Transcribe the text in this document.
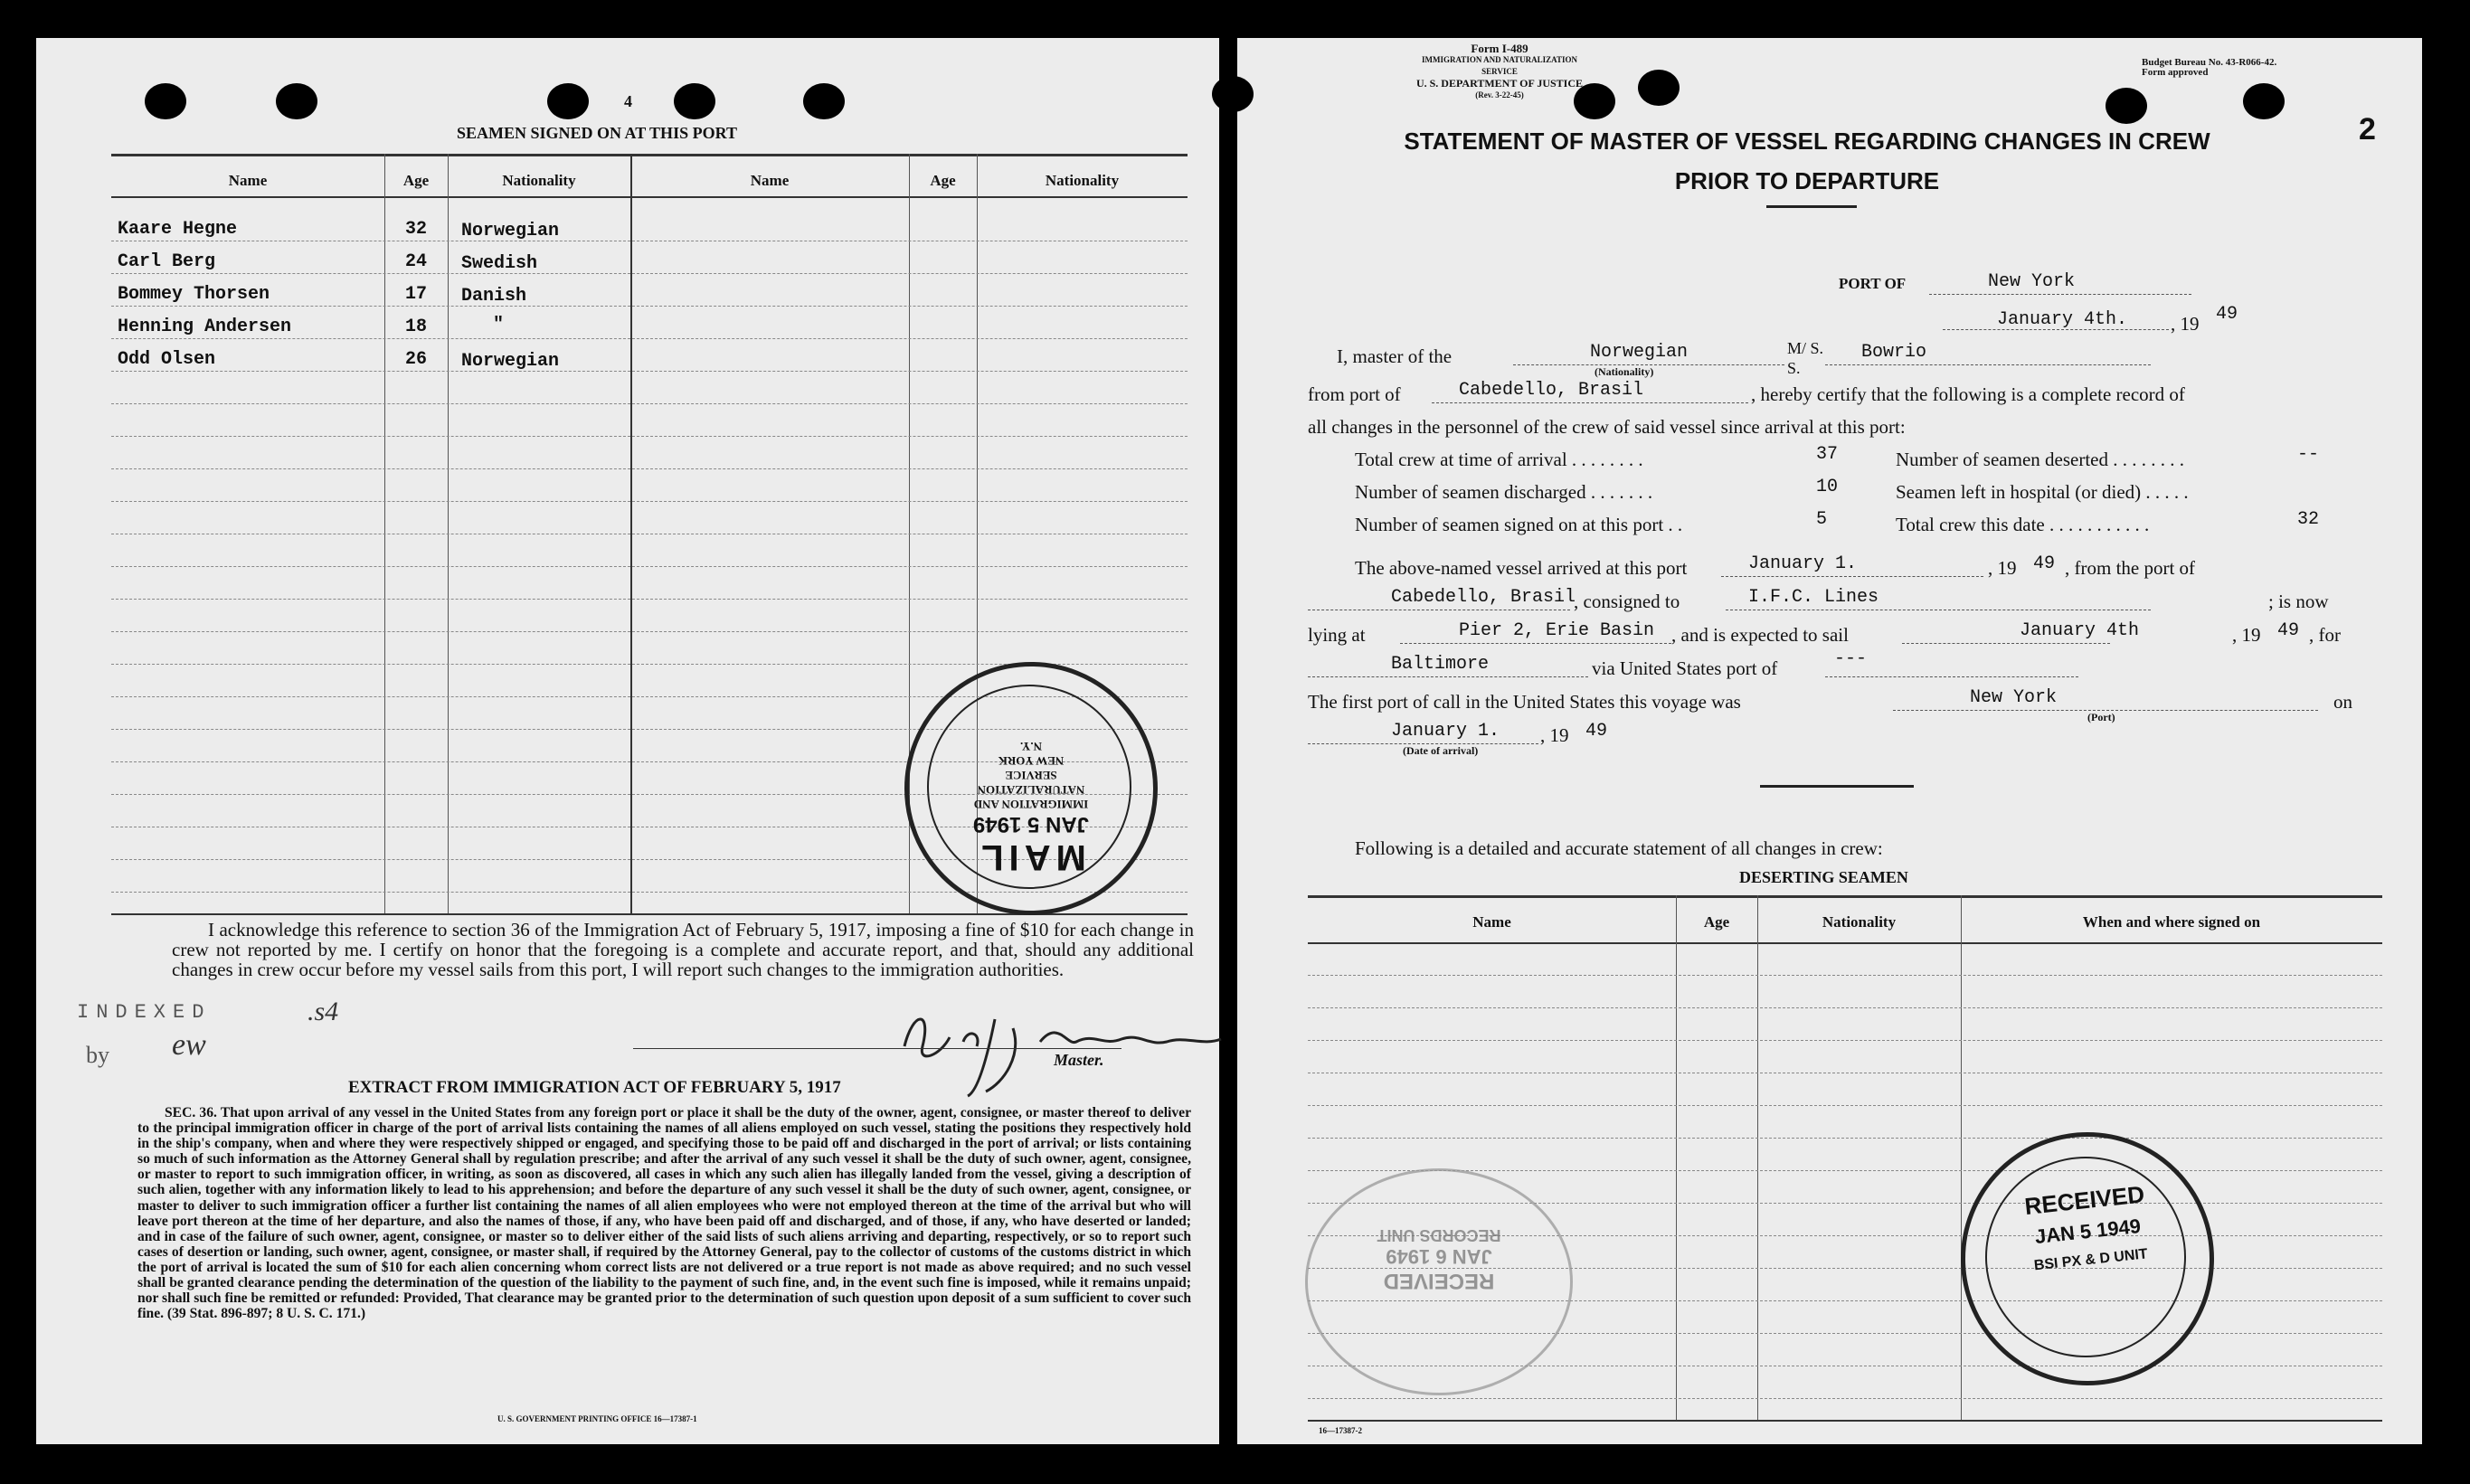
4
SEAMEN SIGNED ON AT THIS PORT
Name	Age	Nationality	Name	Age	Nationality
Kaare Hegne	32 Norwegian
Carl Berg	24 Swedish
Bommey Thorsen	17 Danish
Henning Andersen	18	"
Odd Olsen	26 Norwegian
MAIL
JAN 5 1949
IMMIGRATION AND
NATURALIZATION
SERVICE
NEW YORK
N.Y.
I acknowledge this reference to section 36 of the Immigration Act of February 5, 1917, imposing a fine of $10 for each change in crew not reported by me. I certify on honor that the foregoing is a complete and accurate report, and that, should any additional changes in crew occur before my vessel sails from this port, I will report such changes to the immigration authorities.
INDEXED	.s4
by ew	Master.
EXTRACT FROM IMMIGRATION ACT OF FEBRUARY 5, 1917
SEC. 36. That upon arrival of any vessel in the United States from any foreign port or place it shall be the duty of the owner, agent, consignee, or master thereof to deliver to the principal immigration officer in charge of the port of arrival lists containing the names of all aliens employed on such vessel, stating the positions they respectively hold in the ship's company, when and where they were respectively shipped or engaged, and specifying those to be paid off and discharged in the port of arrival; or lists containing so much of such information as the Attorney General shall by regulation prescribe; and after the arrival of any such vessel it shall be the duty of such owner, agent, consignee, or master to report to such immigration officer, in writing, as soon as discovered, all cases in which any such alien has illegally landed from the vessel, giving a description of such alien, together with any information likely to lead to his apprehension; and before the departure of any such vessel it shall be the duty of such owner, agent, consignee, or master to deliver to such immigration officer a further list containing the names of all alien employees who were not employed thereon at the time of the arrival but who will leave port thereon at the time of her departure, and also the names of those, if any, who have been paid off and discharged, and of those, if any, who have deserted or landed; and in case of the failure of such owner, agent, consignee, or master so to deliver either of the said lists of such aliens arriving and departing, respectively, or so to report such cases of desertion or landing, such owner, agent, consignee, or master shall, if required by the Attorney General, pay to the collector of customs of the customs district in which the port of arrival is located the sum of $10 for each alien concerning whom correct lists are not delivered or a true report is not made as above required; and no such vessel shall be granted clearance pending the determination of the question of the liability to the payment of such fine, and, in the event such fine is imposed, while it remains unpaid; nor shall such fine be remitted or refunded: Provided, That clearance may be granted prior to the determination of such question upon deposit of a sum sufficient to cover such fine. (39 Stat. 896-897; 8 U. S. C. 171.)
U. S. GOVERNMENT PRINTING OFFICE 16—17387-1
Form I-489
IMMIGRATION AND NATURALIZATION SERVICE
U. S. DEPARTMENT OF JUSTICE
(Rev. 3-22-45)
Budget Bureau No. 43-R066-42.
Form approved
2
STATEMENT OF MASTER OF VESSEL REGARDING CHANGES IN CREW
PRIOR TO DEPARTURE
PORT OF	New York
January 4th. , 19 49
I, master of the	Norwegian
(Nationality)
M/ S. S.
Bowrio
from port of	Cabedello, Brasil	, hereby certify that the following is a complete record of
all changes in the personnel of the crew of said vessel since arrival at this port:
Total crew at time of arrival . . . . . . . .	37	Number of seamen deserted . . . . . . . .	--
Number of seamen discharged . . . . . . .	10	Seamen left in hospital (or died) . . . . .
Number of seamen signed on at this port . .	5	Total crew this date . . . . . . . . . . .	32
The above-named vessel arrived at this port	January 1.	, 19 49 , from the port of
Cabedello, Brasil
, consigned to	I.F.C. Lines	; is now
lying at	Pier 2, Erie Basin , and is expected to sail	January 4th	, 19 49 , for
Baltimore	via United States port of	---
The first port of call in the United States this voyage was	New York
(Port)
on
January 1.
(Date of arrival)
, 19 49
Following is a detailed and accurate statement of all changes in crew:
DESERTING SEAMEN
Name	Age	Nationality	When and where signed on
RECEIVED
JAN 6 1949
RECORDS UNIT
RECEIVED
JAN 5 1949
BSI PX & D UNIT
16—17387-2
